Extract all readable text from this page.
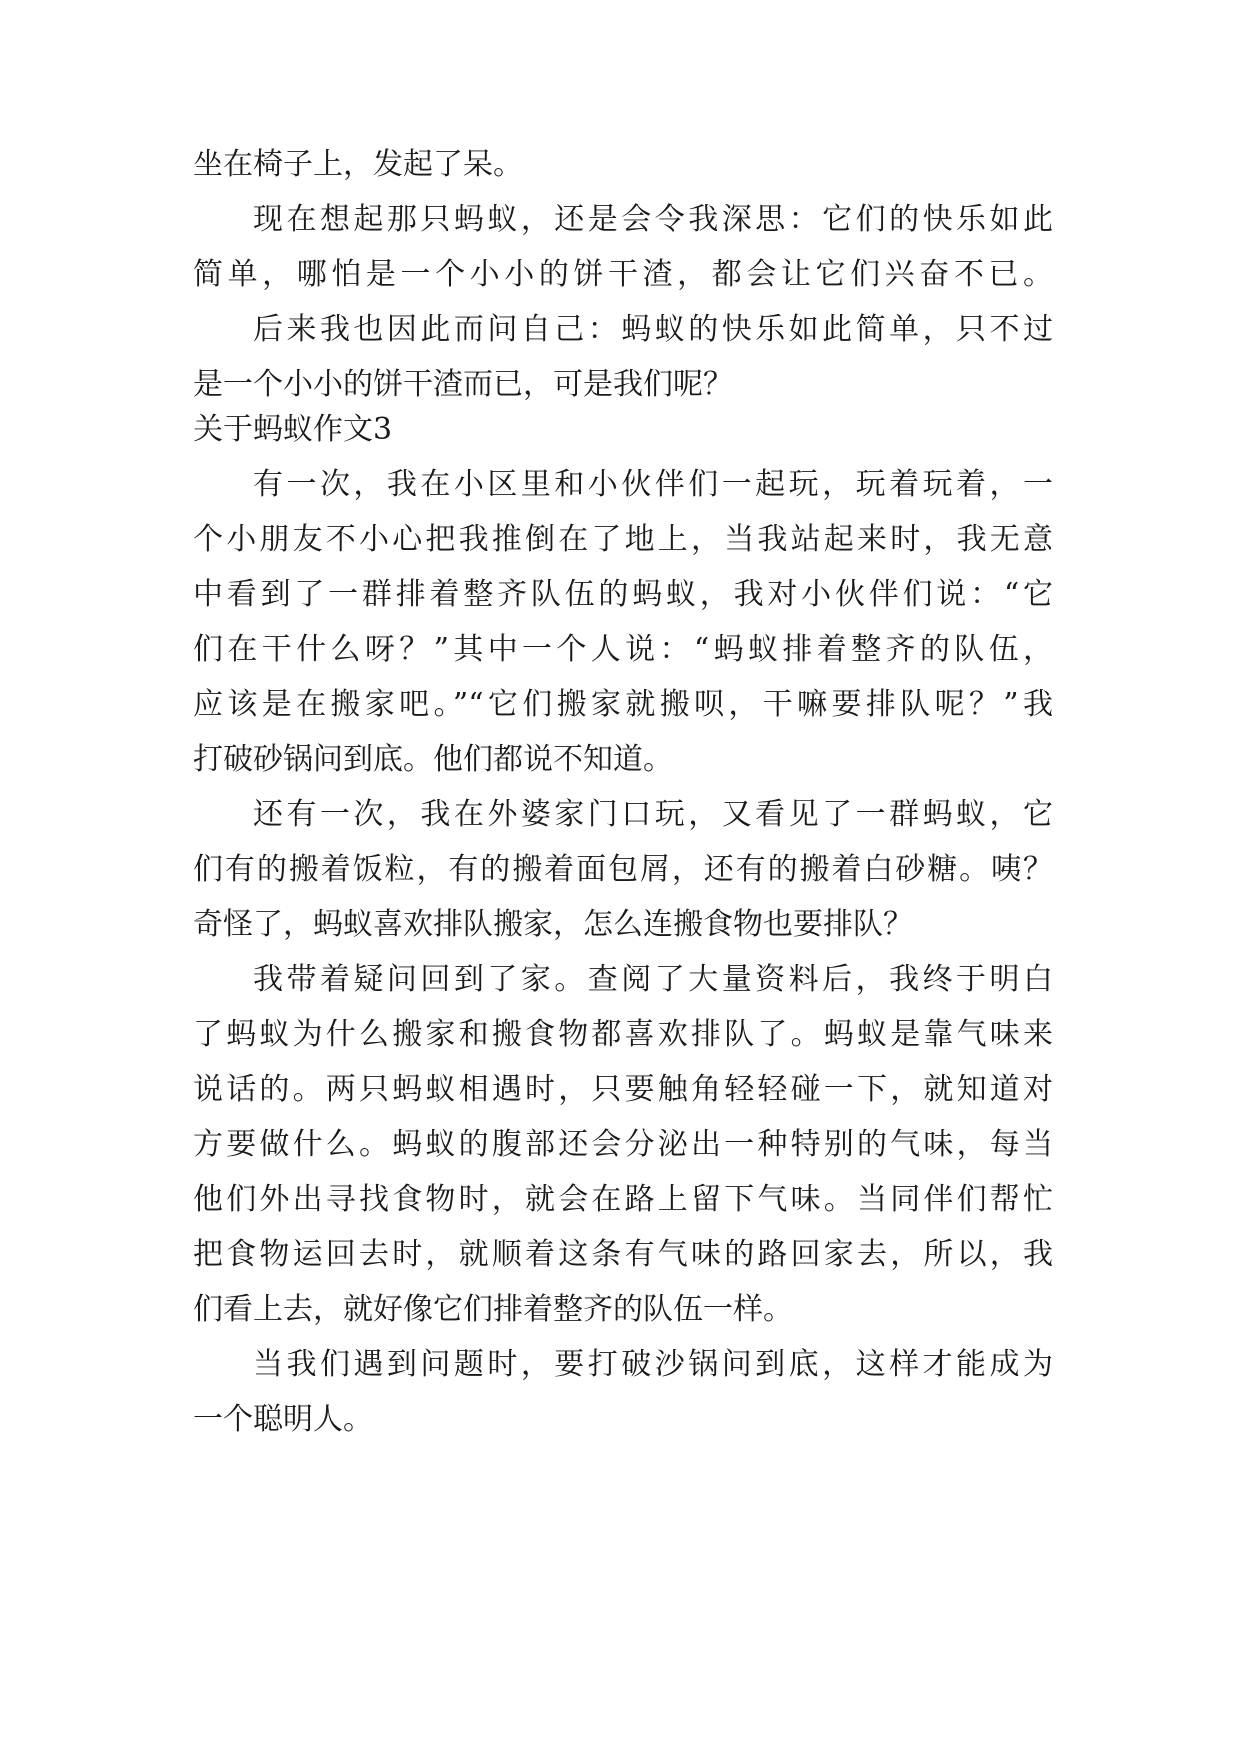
坐在椅子上，发起了呆。

现在想起那只蚂蚁，还是会令我深思：它们的快乐如此

简单，哪怕是一个小小的饼干渣，都会让它们兴奋不已。

后来我也因此而问自己：蚂蚁的快乐如此简单，只不过

是一个小小的饼干渣而已，可是我们呢？

关于蚂蚁作文3

有一次，我在小区里和小伙伴们一起玩，玩着玩着，一

个小朋友不小心把我推倒在了地上，当我站起来时，我无意

中看到了一群排着整齐队伍的蚂蚁，我对小伙伴们说：“它

们在干什么呀？”其中一个人说：“蚂蚁排着整齐的队伍，

应该是在搬家吧。”“它们搬家就搬呗，干嘛要排队呢？”我

打破砂锅问到底。他们都说不知道。

还有一次，我在外婆家门口玩，又看见了一群蚂蚁，它

们有的搬着饭粒，有的搬着面包屑，还有的搬着白砂糖。咦？

奇怪了，蚂蚁喜欢排队搬家，怎么连搬食物也要排队？

我带着疑问回到了家。查阅了大量资料后，我终于明白

了蚂蚁为什么搬家和搬食物都喜欢排队了。蚂蚁是靠气味来

说话的。两只蚂蚁相遇时，只要触角轻轻碰一下，就知道对

方要做什么。蚂蚁的腹部还会分泌出一种特别的气味，每当

他们外出寻找食物时，就会在路上留下气味。当同伴们帮忙

把食物运回去时，就顺着这条有气味的路回家去，所以，我

们看上去，就好像它们排着整齐的队伍一样。

当我们遇到问题时，要打破沙锅问到底，这样才能成为

一个聪明人。
